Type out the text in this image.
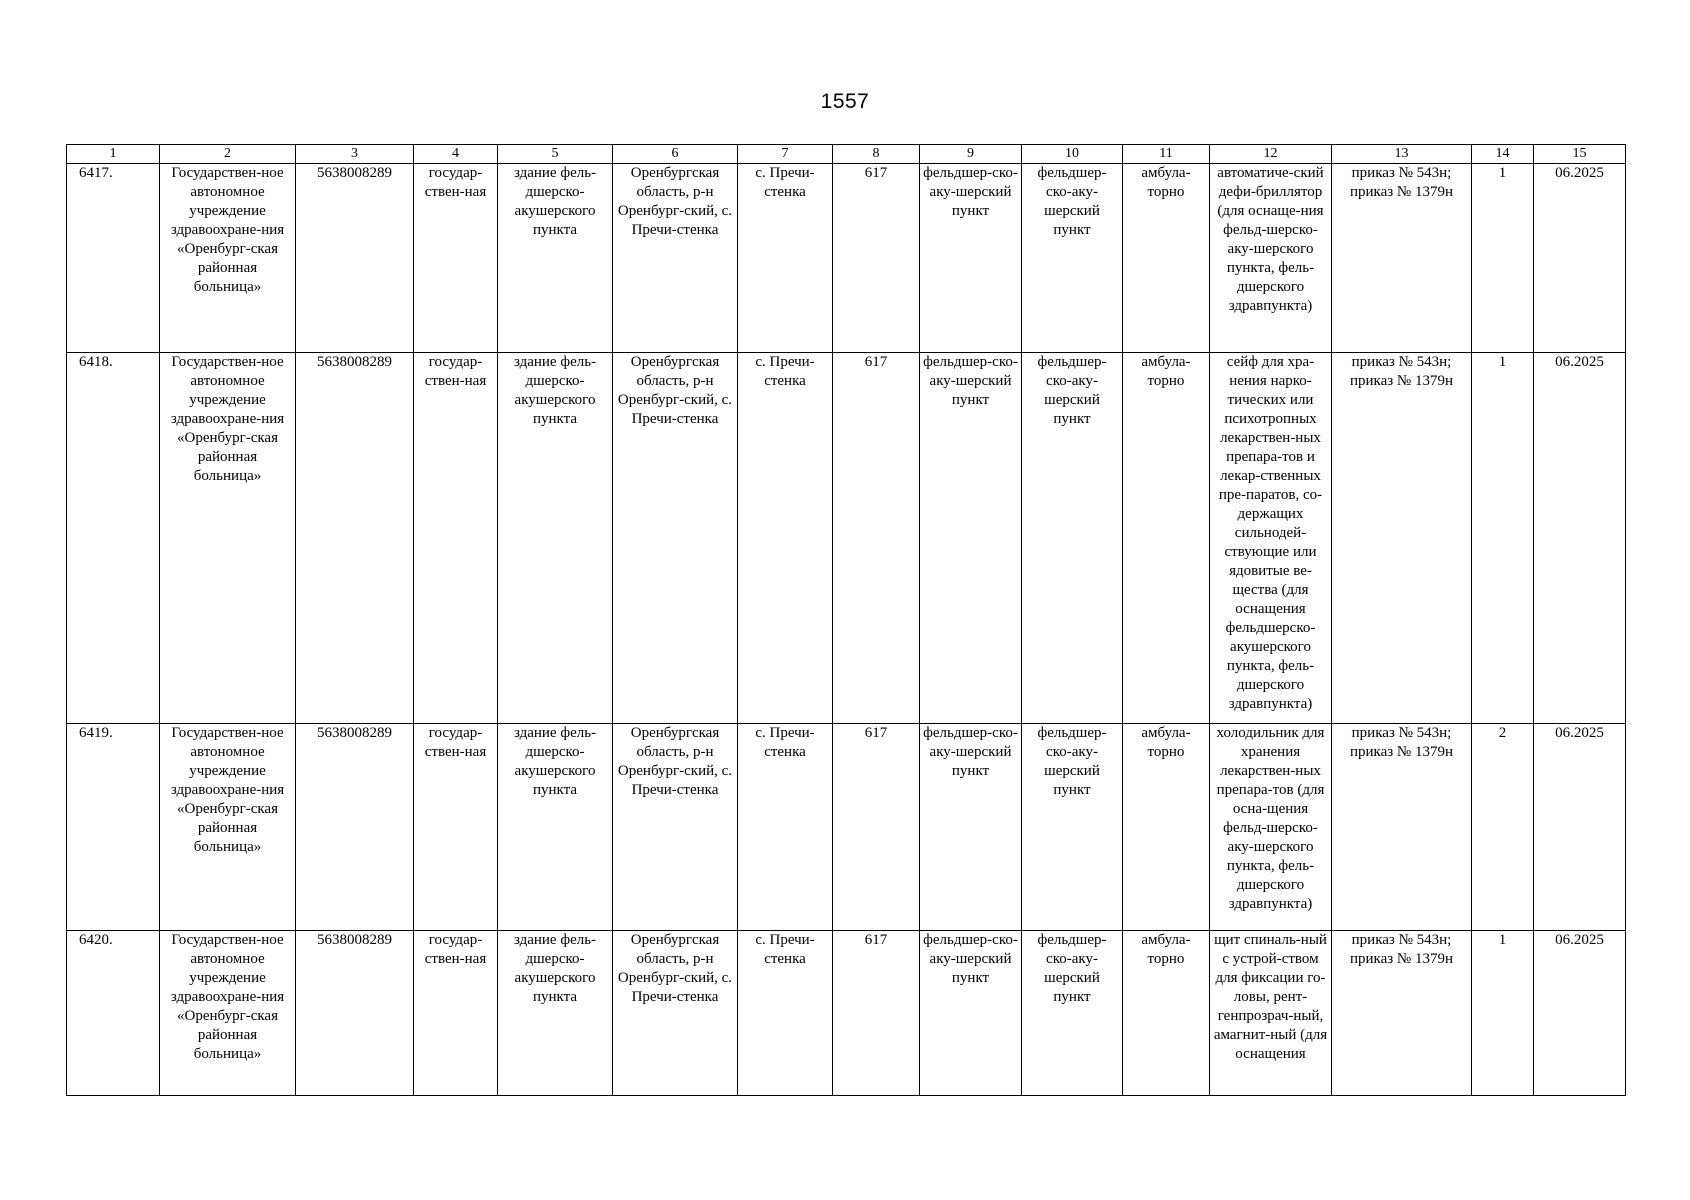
1557
1	2	3	4	5	6	7	8	9	10	11	12	13	14	15
6417.	Государствен-ное автономное учреждение здравоохране-ния «Оренбург-ская районная больница»	5638008289	государ-ствен-ная	здание фель-дшерско-акушерского пункта	Оренбургская область, р-н Оренбург-ский, с. Пречи-стенка	с. Пречи-стенка	617	фельдшер-ско-аку-шерский пункт	фельдшер-ско-аку-шерский пункт	амбула-торно	автоматиче-ский дефи-бриллятор (для оснаще-ния фельд-шерско-аку-шерского пункта, фель-дшерского здравпункта)	приказ № 543н; приказ № 1379н	1	06.2025
6418.	Государствен-ное автономное учреждение здравоохране-ния «Оренбург-ская районная больница»	5638008289	государ-ствен-ная	здание фель-дшерско-акушерского пункта	Оренбургская область, р-н Оренбург-ский, с. Пречи-стенка	с. Пречи-стенка	617	фельдшер-ско-аку-шерский пункт	фельдшер-ско-аку-шерский пункт	амбула-торно	сейф для хра-нения нарко-тических или психотропных лекарствен-ных препара-тов и лекар-ственных пре-паратов, со-держащих сильнодей-ствующие или ядовитые ве-щества (для оснащения фельдшерско-акушерского пункта, фель-дшерского здравпункта)	приказ № 543н; приказ № 1379н	1	06.2025
6419.	Государствен-ное автономное учреждение здравоохране-ния «Оренбург-ская районная больница»	5638008289	государ-ствен-ная	здание фель-дшерско-акушерского пункта	Оренбургская область, р-н Оренбург-ский, с. Пречи-стенка	с. Пречи-стенка	617	фельдшер-ско-аку-шерский пункт	фельдшер-ско-аку-шерский пункт	амбула-торно	холодильник для хранения лекарствен-ных препара-тов (для осна-щения фельд-шерско-аку-шерского пункта, фель-дшерского здравпункта)	приказ № 543н; приказ № 1379н	2	06.2025
6420.	Государствен-ное автономное учреждение здравоохране-ния «Оренбург-ская районная больница»	5638008289	государ-ствен-ная	здание фель-дшерско-акушерского пункта	Оренбургская область, р-н Оренбург-ский, с. Пречи-стенка	с. Пречи-стенка	617	фельдшер-ско-аку-шерский пункт	фельдшер-ско-аку-шерский пункт	амбула-торно	щит спиналь-ный с устрой-ством для фиксации го-ловы, рент-генпрозрач-ный, амагнит-ный (для оснащения	приказ № 543н; приказ № 1379н	1	06.2025
